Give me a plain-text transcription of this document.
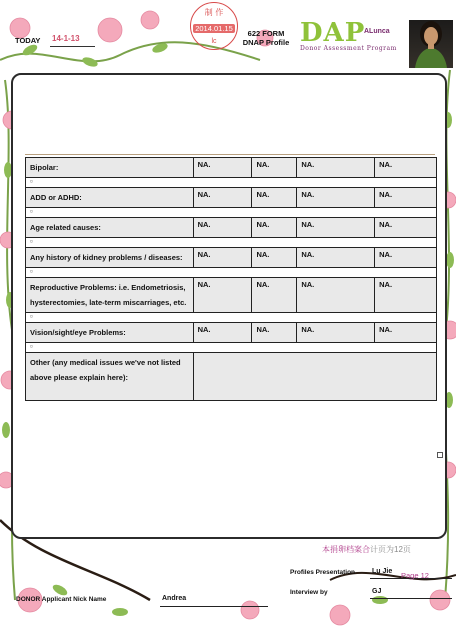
TODAY 14-1-13
制 作
2014.01.15
lc
622 FORM
DNAP Profile DAP
ALunca
Donor Assessment Program
Bipolar:	NA.	NA.	NA.	NA.
¤				
ADD or ADHD:	NA.	NA.	NA.	NA.
¤				
Age related causes:	NA.	NA.	NA.	NA.
¤				
Any history of kidney problems / diseases:	NA.	NA.	NA.	NA.
¤				
Reproductive Problems: i.e. Endometriosis, hysterectomies, late-term miscarriages, etc.	NA.	NA.	NA.	NA.
¤				
Vision/sight/eye Problems:	NA.	NA.	NA.	NA.
¤				
Other (any medical issues we've not listed above please explain here):				
本捐卵档案合计页为12页
Profiles Presentation Lu Jie Page 12
Interview by	GJ
DONOR Applicant Nick Name	Andrea
